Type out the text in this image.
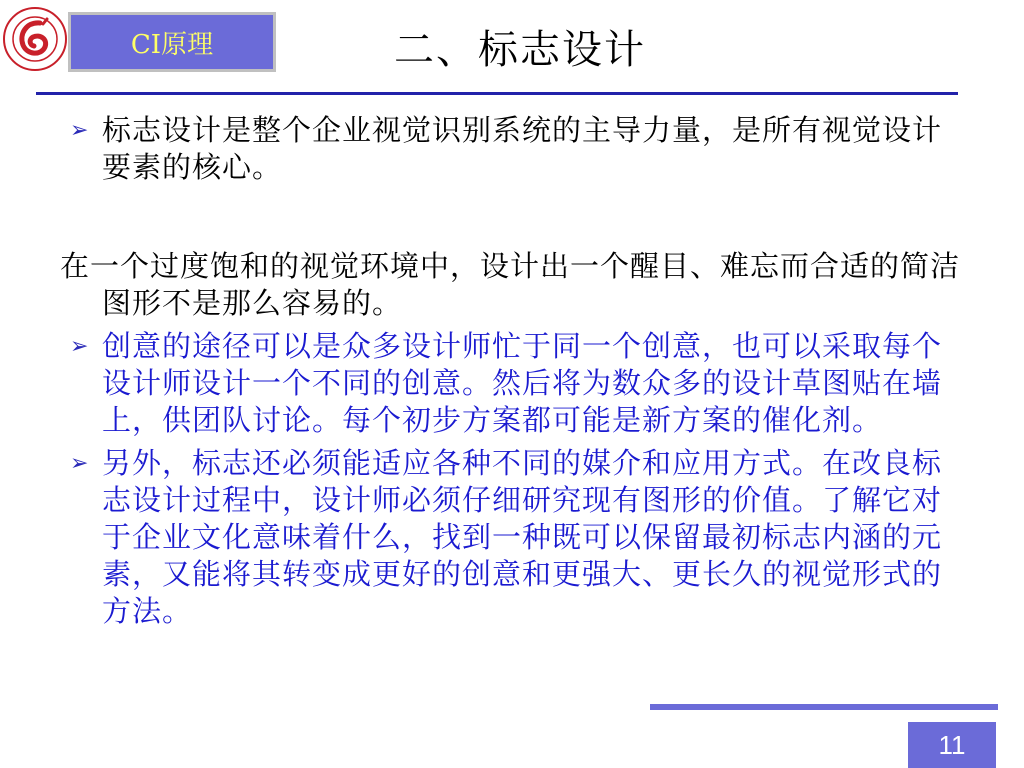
CI原理	二、标志设计
➢ 标志设计是整个企业视觉识别系统的主导力量，是所有视觉设计要素的核心。
在一个过度饱和的视觉环境中，设计出一个醒目、难忘而合适的简洁图形不是那么容易的。
➢ 创意的途径可以是众多设计师忙于同一个创意，也可以采取每个设计师设计一个不同的创意。然后将为数众多的设计草图贴在墙上，供团队讨论。每个初步方案都可能是新方案的催化剂。
➢ 另外，标志还必须能适应各种不同的媒介和应用方式。在改良标志设计过程中，设计师必须仔细研究现有图形的价值。了解它对于企业文化意味着什么，找到一种既可以保留最初标志内涵的元素，又能将其转变成更好的创意和更强大、更长久的视觉形式的方法。
11
